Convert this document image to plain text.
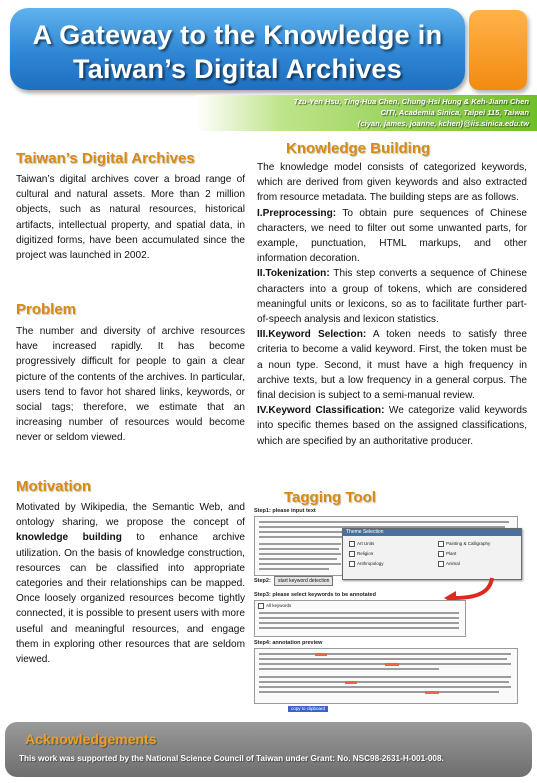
A Gateway to the Knowledge in
Taiwan’s Digital Archives
Tzu-Yen Hsu, Ting-Hua Chen, Chung-Hsi Hung & Keh-Jiann Chen
CITI, Academia Sinica, Taipei 115, Taiwan
{ciyan, james, joanne, kchen}@iis.sinica.edu.tw
Taiwan’s Digital Archives

Taiwan’s digital archives cover a broad range of cultural and natural assets. More than 2 million objects, such as natural resources, historical artifacts, intellectual property, and spatial data, in digitized forms, have been accumulated since the project was launched in 2002.

Problem

The number and diversity of archive resources have increased rapidly. It has become progressively difficult for people to gain a clear picture of the contents of the archives. In particular, users tend to favor hot shared links, keywords, or social tags; therefore, we estimate that an increasing number of resources would become never or seldom viewed.

Motivation

Motivated by Wikipedia, the Semantic Web, and ontology sharing, we propose the concept of knowledge building to enhance archive utilization. On the basis of knowledge construction, resources can be classified into appropriate categories and their relationships can be mapped. Once loosely organized resources become tightly connected, it is possible to present users with more useful and meaningful resources, and engage them in exploring other resources that are seldom viewed.

Knowledge Building

The knowledge model consists of categorized keywords, which are derived from given keywords and also extracted from resource metadata. The building steps are as follows.

I.Preprocessing: To obtain pure sequences of Chinese characters, we need to filter out some unwanted parts, for example, punctuation, HTML markups, and other information decoration.

II.Tokenization: This step converts a sequence of Chinese characters into a group of tokens, which are considered meaningful units or lexicons, so as to facilitate further part-of-speech analysis and lexicon statistics.

III.Keyword Selection: A token needs to satisfy three criteria to become a valid keyword. First, the token must be a noun type. Second, it must have a high frequency in archive texts, but a low frequency in a general corpus. The final decision is subject to a semi-manual review.

IV.Keyword Classification: We categorize valid keywords into specific themes based on the assigned classifications, which are specified by an authoritative producer.

Tagging Tool
Step1: please input text
Theme Selection
Art Units
Religion
Anthropology
Painting & Calligraphy
Plant
Animal
Step2:	start keyword detection
Step3: please select keywords to be annotated
All keywords
Step4: annotation preview
copy to clipboard
Acknowledgements
This work was supported by the National Science Council of Taiwan under Grant: No. NSC98-2631-H-001-008.
